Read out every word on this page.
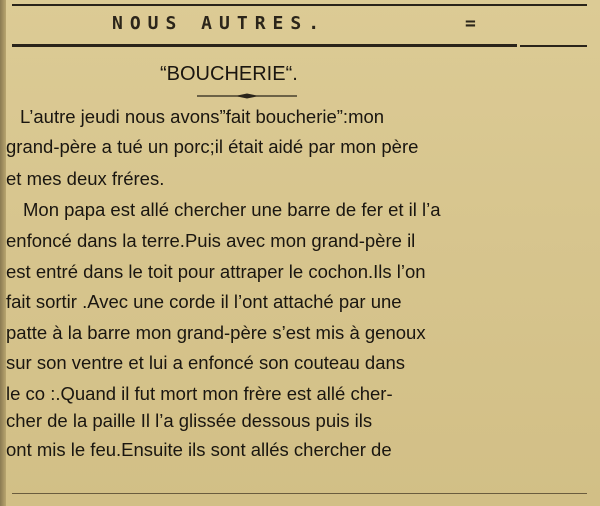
NOUS AUTRES.	=
“BOUCHERIE“.
L’autre jeudi nous avons”fait boucherie”:mon
grand-père a tué un porc;il était aidé par mon père
et mes deux fréres.
Mon papa est allé chercher une barre de fer et il l’a
enfoncé dans la terre.Puis avec mon grand-père il
est entré dans le toit pour attraper le cochon.Ils l’on
fait sortir .Avec une corde il l’ont attaché par une
patte à la barre mon grand-père s’est mis à genoux
sur son ventre et lui a enfoncé son couteau dans
le co :.Quand il fut mort mon frère est allé cher-
cher de la paille Il l’a glissée dessous puis ils
ont mis le feu.Ensuite ils sont allés chercher de
